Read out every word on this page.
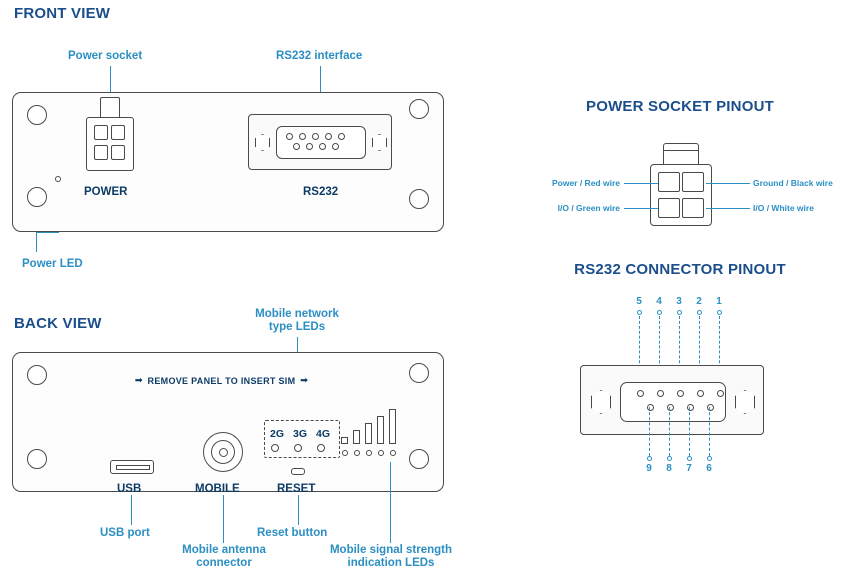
FRONT VIEW
Power socket	RS232 interface
Power LED
POWER	RS232
BACK VIEW
Mobile network
type LEDs
➟ REMOVE PANEL TO INSERT SIM ➟
USB	MOBILE	RESET
2G 3G 4G
USB port
Mobile antenna
connector
Reset button
Mobile signal strength
indication LEDs
POWER SOCKET PINOUT
Power / Red wire
I/O / Green wire
Ground / Black wire
I/O / White wire
RS232 CONNECTOR PINOUT
5 4 3 2 1
9 8 7 6
